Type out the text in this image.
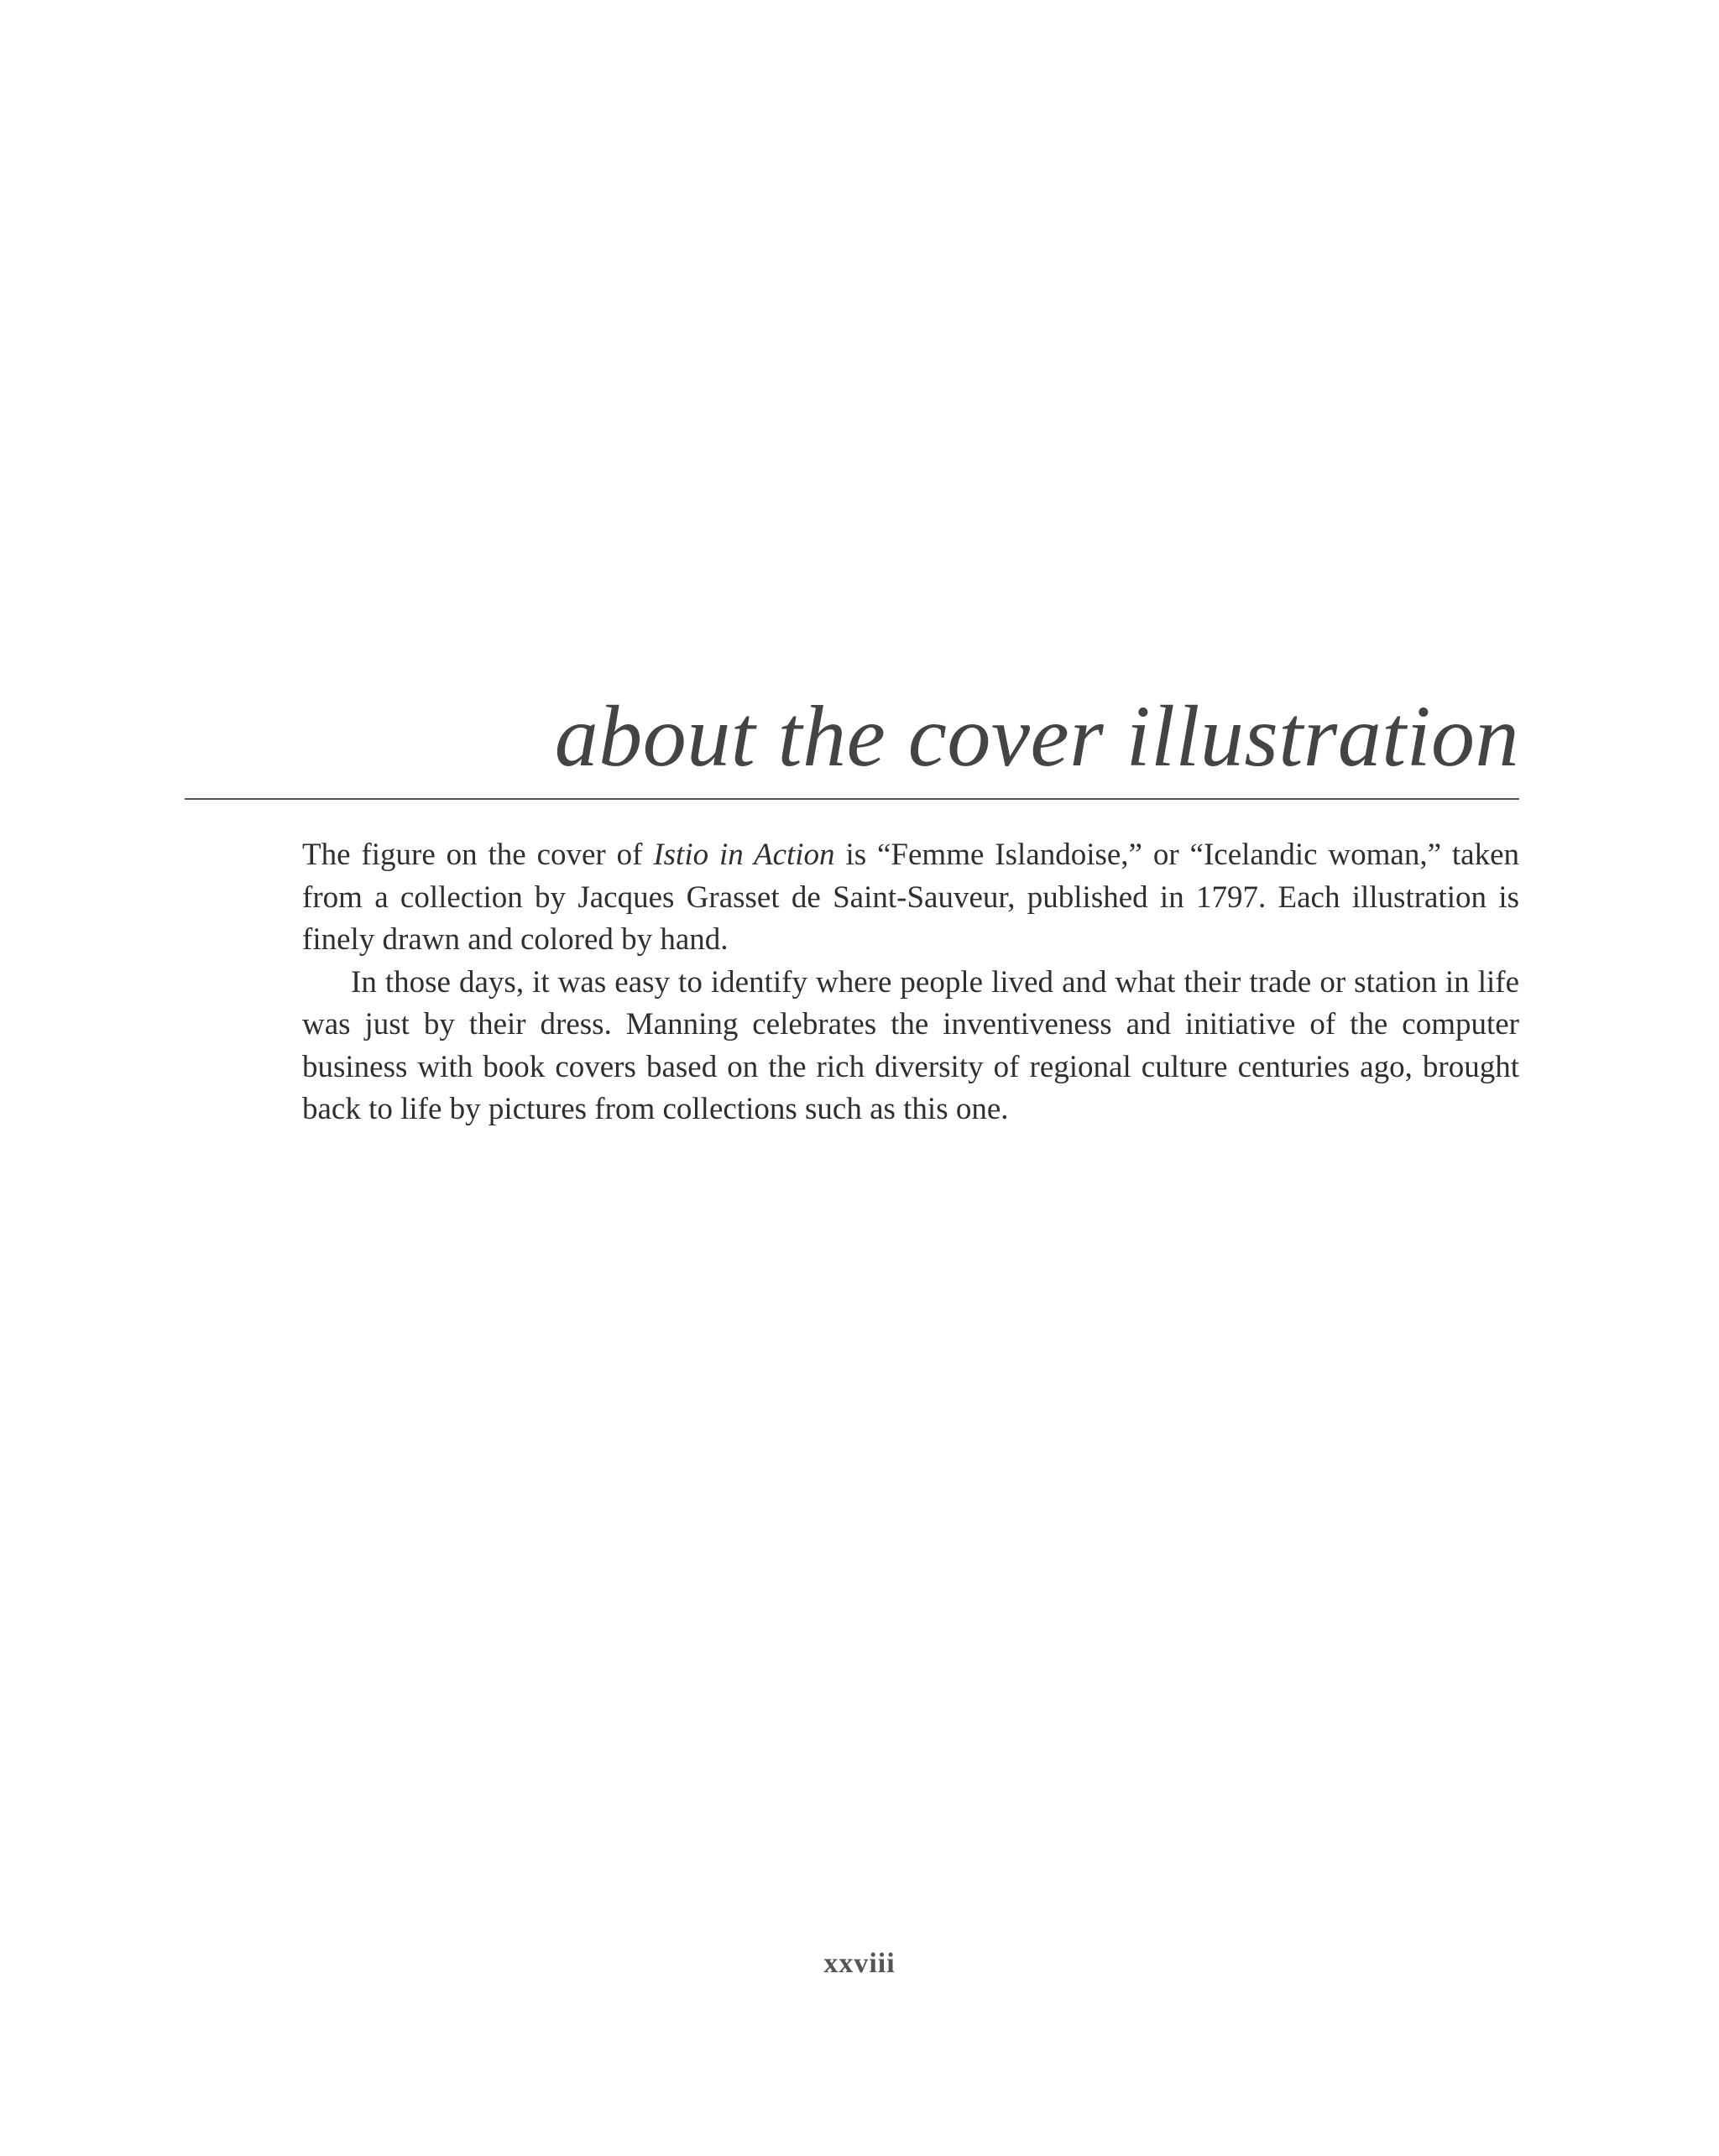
about the cover illustration

The figure on the cover of Istio in Action is “Femme Islandoise,” or “Icelandic woman,” taken from a collection by Jacques Grasset de Saint-Sauveur, published in 1797. Each illustration is finely drawn and colored by hand.

In those days, it was easy to identify where people lived and what their trade or station in life was just by their dress. Manning celebrates the inventiveness and initiative of the computer business with book covers based on the rich diversity of regional culture centuries ago, brought back to life by pictures from collections such as this one.

xxviii
